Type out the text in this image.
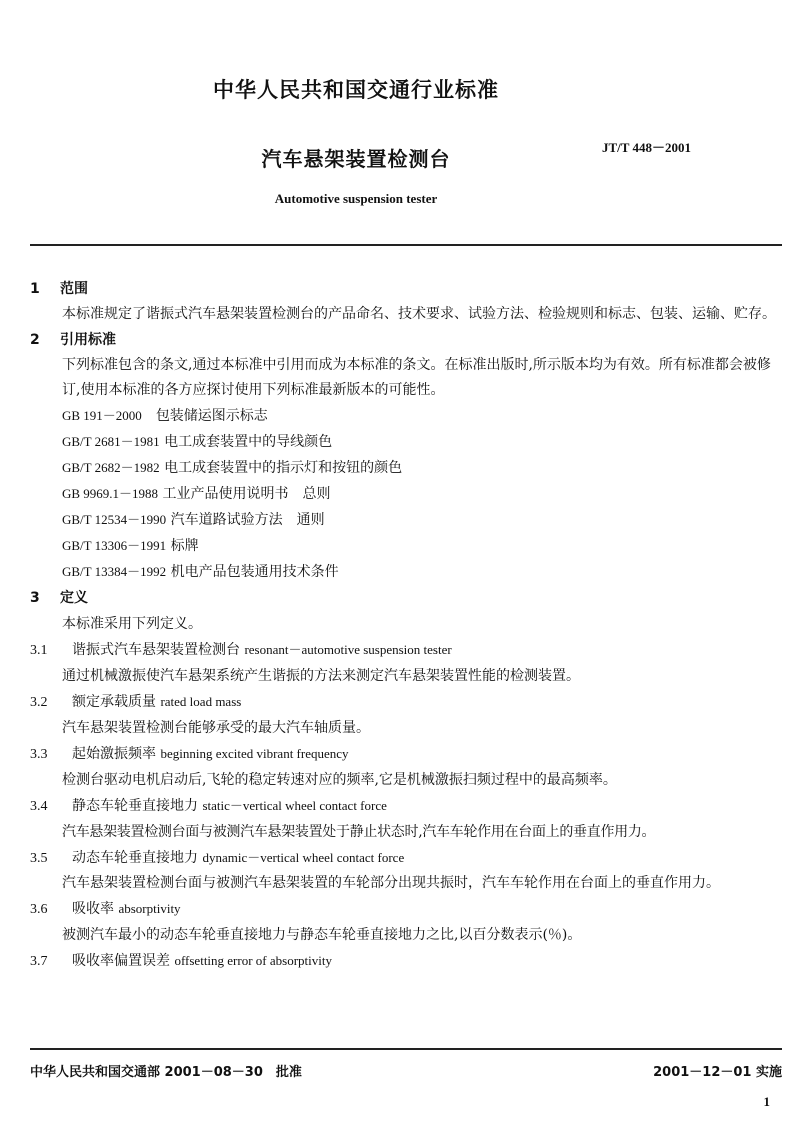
中华人民共和国交通行业标准
JT/T 448－2001
汽车悬架装置检测台
Automotive suspension tester
1 范围
本标准规定了谐振式汽车悬架装置检测台的产品命名、技术要求、试验方法、检验规则和标志、包装、运输、贮存。
2 引用标准
下列标准包含的条文,通过本标准中引用而成为本标准的条文。在标准出版时,所示版本均为有效。所有标准都会被修订,使用本标准的各方应探讨使用下列标准最新版本的可能性。
GB 191－2000　 包装储运图示标志
GB/T 2681－1981 电工成套装置中的导线颜色
GB/T 2682－1982 电工成套装置中的指示灯和按钮的颜色
GB 9969.1－1988 工业产品使用说明书　总则
GB/T 12534－1990 汽车道路试验方法　通则
GB/T 13306－1991 标牌
GB/T 13384－1992 机电产品包装通用技术条件
3 定义
本标准采用下列定义。
3.1 谐振式汽车悬架装置检测台 resonant－automotive suspension tester
通过机械激振使汽车悬架系统产生谐振的方法来测定汽车悬架装置性能的检测装置。
3.2 额定承载质量 rated load mass
汽车悬架装置检测台能够承受的最大汽车轴质量。
3.3 起始激振频率 beginning excited vibrant frequency
检测台驱动电机启动后,飞轮的稳定转速对应的频率,它是机械激振扫频过程中的最高频率。
3.4 静态车轮垂直接地力 static－vertical wheel contact force
汽车悬架装置检测台面与被测汽车悬架装置处于静止状态时,汽车车轮作用在台面上的垂直作用力。
3.5 动态车轮垂直接地力 dynamic－vertical wheel contact force
汽车悬架装置检测台面与被测汽车悬架装置的车轮部分出现共振时，汽车车轮作用在台面上的垂直作用力。
3.6 吸收率 absorptivity
被测汽车最小的动态车轮垂直接地力与静态车轮垂直接地力之比,以百分数表示(％)。
3.7 吸收率偏置误差 offsetting error of absorptivity
中华人民共和国交通部 2001－08－30　批准	2001－12－01 实施
1
